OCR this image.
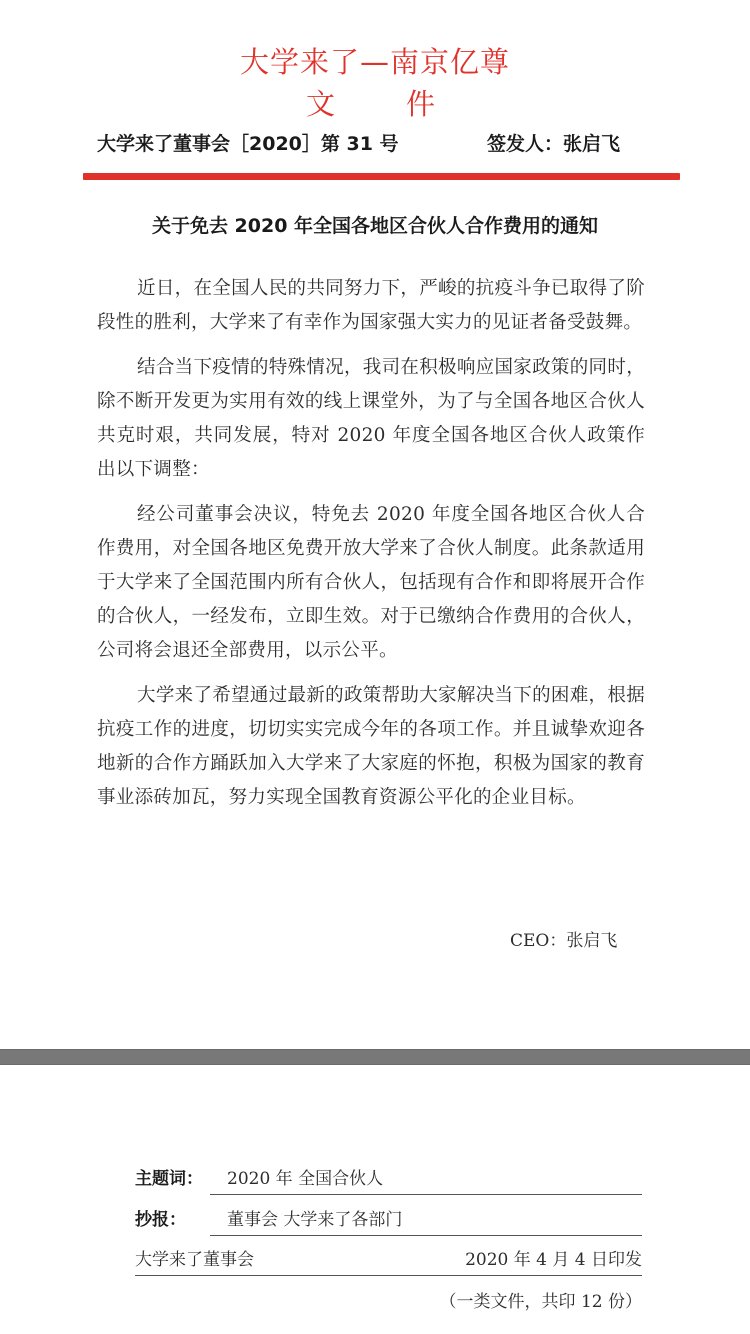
大学来了—南京亿尊
文 件
大学来了董事会［2020］第 31 号	签发人：张启飞
关于免去 2020 年全国各地区合伙人合作费用的通知

近日，在全国人民的共同努力下，严峻的抗疫斗争已取得了阶段性的胜利，大学来了有幸作为国家强大实力的见证者备受鼓舞。

结合当下疫情的特殊情况，我司在积极响应国家政策的同时，除不断开发更为实用有效的线上课堂外，为了与全国各地区合伙人共克时艰，共同发展，特对 2020 年度全国各地区合伙人政策作出以下调整：

经公司董事会决议，特免去 2020 年度全国各地区合伙人合作费用，对全国各地区免费开放大学来了合伙人制度。此条款适用于大学来了全国范围内所有合伙人，包括现有合作和即将展开合作的合伙人，一经发布，立即生效。对于已缴纳合作费用的合伙人，公司将会退还全部费用，以示公平。

大学来了希望通过最新的政策帮助大家解决当下的困难，根据抗疫工作的进度，切切实实完成今年的各项工作。并且诚挚欢迎各地新的合作方踊跃加入大学来了大家庭的怀抱，积极为国家的教育事业添砖加瓦，努力实现全国教育资源公平化的企业目标。

CEO：张启飞
主题词： 2020 年 全国合伙人
抄报： 董事会 大学来了各部门
大学来了董事会	2020 年 4 月 4 日印发
（一类文件，共印 12 份）
